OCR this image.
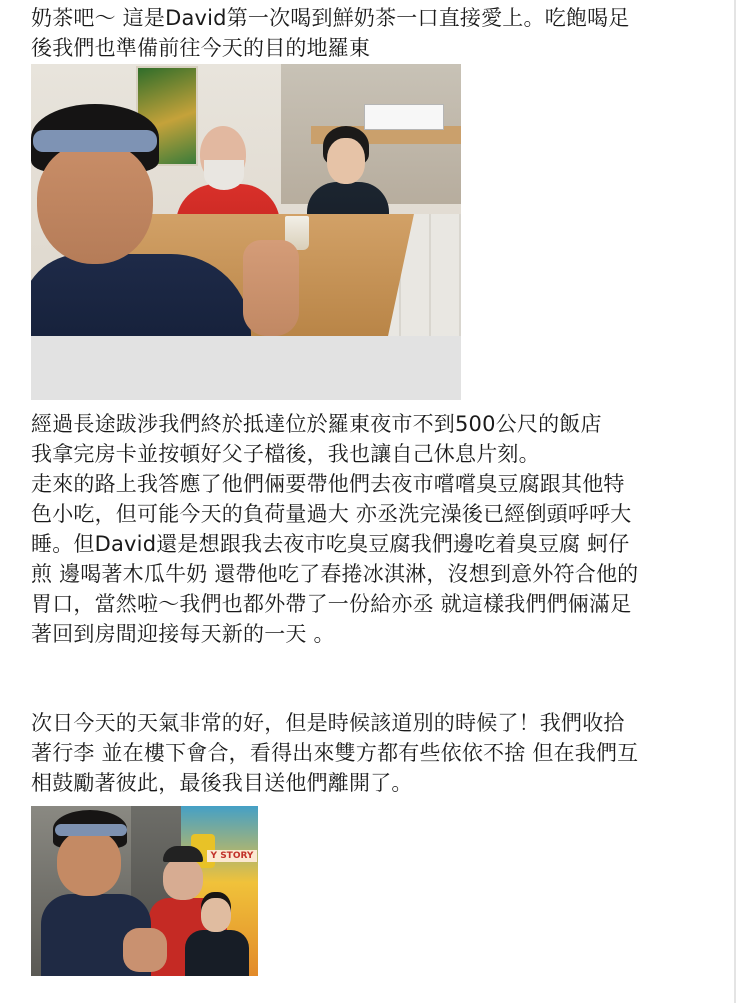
奶茶吧～ 這是David第一次喝到鮮奶茶一口直接愛上。吃飽喝足
後我們也準備前往今天的目的地羅東
經過長途跋涉我們終於抵達位於羅東夜市不到500公尺的飯店
我拿完房卡並按頓好父子檔後，我也讓自己休息片刻。
走來的路上我答應了他們倆要帶他們去夜市嚐嚐臭豆腐跟其他特
色小吃，但可能今天的負荷量過大 亦丞洗完澡後已經倒頭呼呼大
睡。但David還是想跟我去夜市吃臭豆腐我們邊吃着臭豆腐 蚵仔
煎 邊喝著木瓜牛奶 還帶他吃了春捲冰淇淋，沒想到意外符合他的
胃口，當然啦～我們也都外帶了一份給亦丞 就這樣我們們倆滿足
著回到房間迎接每天新的一天 。
次日今天的天氣非常的好，但是時候該道別的時候了！我們收拾
著行李 並在樓下會合，看得出來雙方都有些依依不捨 但在我們互
相鼓勵著彼此，最後我目送他們離開了。
Y STORY
